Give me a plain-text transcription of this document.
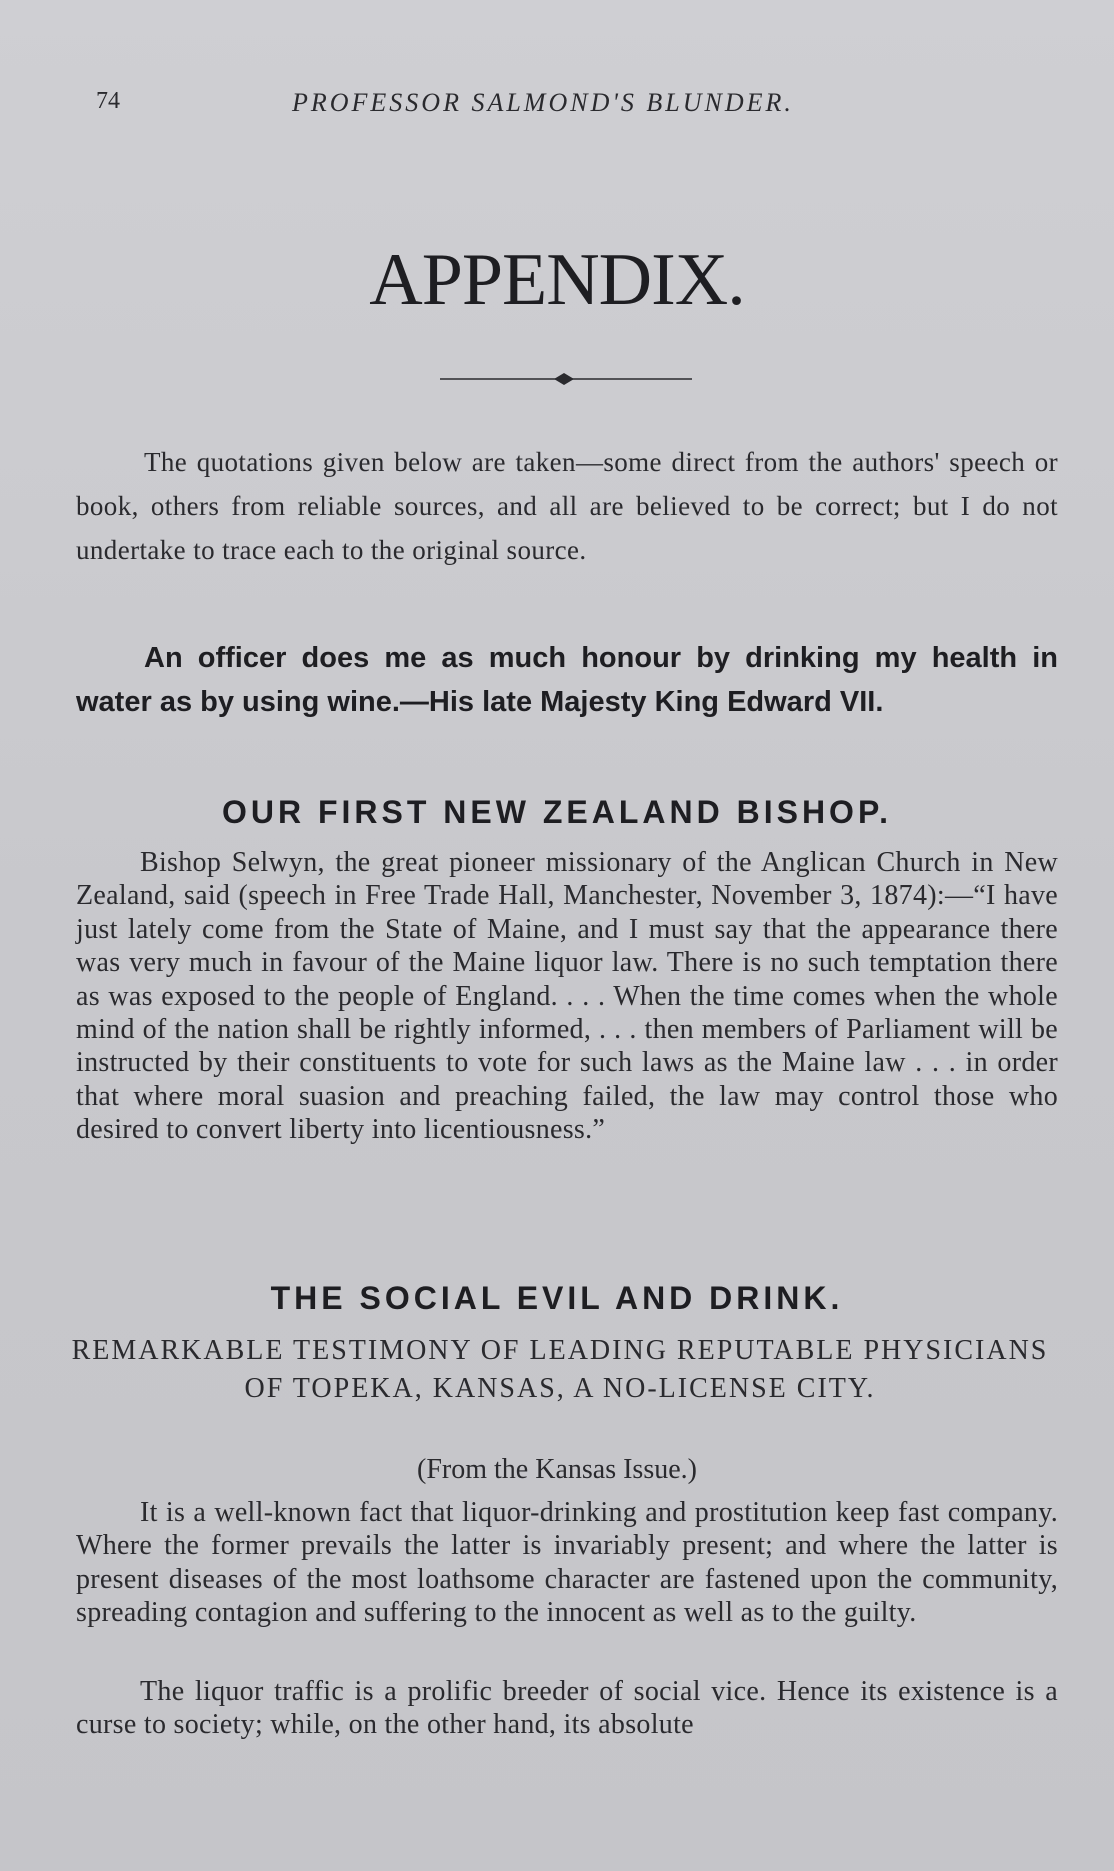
74	PROFESSOR SALMOND'S BLUNDER.
APPENDIX.
The quotations given below are taken—some direct from the authors' speech or book, others from reliable sources, and all are believed to be correct; but I do not undertake to trace each to the original source.
An officer does me as much honour by drinking my health in water as by using wine.—His late Majesty King Edward VII.
OUR FIRST NEW ZEALAND BISHOP.
Bishop Selwyn, the great pioneer missionary of the Anglican Church in New Zealand, said (speech in Free Trade Hall, Manchester, November 3, 1874):—“I have just lately come from the State of Maine, and I must say that the appearance there was very much in favour of the Maine liquor law. There is no such temptation there as was exposed to the people of England. . . . When the time comes when the whole mind of the nation shall be rightly informed, . . . then members of Parliament will be instructed by their constituents to vote for such laws as the Maine law . . . in order that where moral suasion and preaching failed, the law may control those who desired to convert liberty into licentiousness.”
THE SOCIAL EVIL AND DRINK.
REMARKABLE TESTIMONY OF LEADING REPUTABLE PHYSICIANS OF TOPEKA, KANSAS, A NO-LICENSE CITY.
(From the Kansas Issue.)
It is a well-known fact that liquor-drinking and prostitution keep fast company. Where the former prevails the latter is invariably present; and where the latter is present diseases of the most loathsome character are fastened upon the community, spreading contagion and suffering to the innocent as well as to the guilty.
The liquor traffic is a prolific breeder of social vice. Hence its existence is a curse to society; while, on the other hand, its absolute
